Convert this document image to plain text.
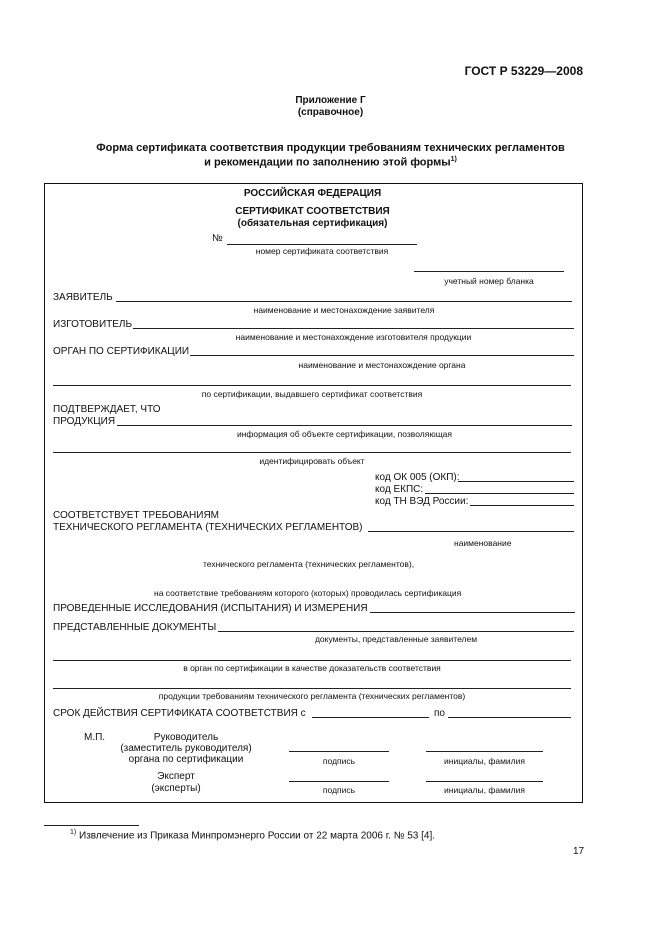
ГОСТ Р 53229—2008
Приложение Г
(справочное)
Форма сертификата соответствия продукции требованиям технических регламентов
и рекомендации по заполнению этой формы$^{1)}$
РОССИЙСКАЯ ФЕДЕРАЦИЯ
СЕРТИФИКАТ СООТВЕТСТВИЯ
(обязательная сертификация)
№
номер сертификата соответствия
учетный номер бланка
ЗАЯВИТЕЛЬ
наименование и местонахождение заявителя
ИЗГОТОВИТЕЛЬ
наименование и местонахождение изготовителя продукции
ОРГАН ПО СЕРТИФИКАЦИИ
наименование и местонахождение органа
по сертификации, выдавшего сертификат соответствия
ПОДТВЕРЖДАЕТ, ЧТО
ПРОДУКЦИЯ
информация об объекте сертификации, позволяющая
идентифицировать объект
код ОК 005 (ОКП):
код ЕКПС:
код ТН ВЭД России:
СООТВЕТСТВУЕТ ТРЕБОВАНИЯМ
ТЕХНИЧЕСКОГО РЕГЛАМЕНТА (ТЕХНИЧЕСКИХ РЕГЛАМЕНТОВ)
наименование
технического регламента (технических регламентов),
на соответствие требованиям которого (которых) проводилась сертификация
ПРОВЕДЕННЫЕ ИССЛЕДОВАНИЯ (ИСПЫТАНИЯ) И ИЗМЕРЕНИЯ
ПРЕДСТАВЛЕННЫЕ ДОКУМЕНТЫ
документы, представленные заявителем
в орган по сертификации в качестве доказательств соответствия
продукции требованиям технического регламента (технических регламентов)
СРОК ДЕЙСТВИЯ СЕРТИФИКАТА СООТВЕТСТВИЯ с	по
М.П.	Руководитель
(заместитель руководителя)
органа по сертификации	подпись	инициалы, фамилия
Эксперт
(эксперты)	подпись	инициалы, фамилия
$^{1)}$ Извлечение из Приказа Минпромэнерго России от 22 марта 2006 г. № 53 [4].
17
